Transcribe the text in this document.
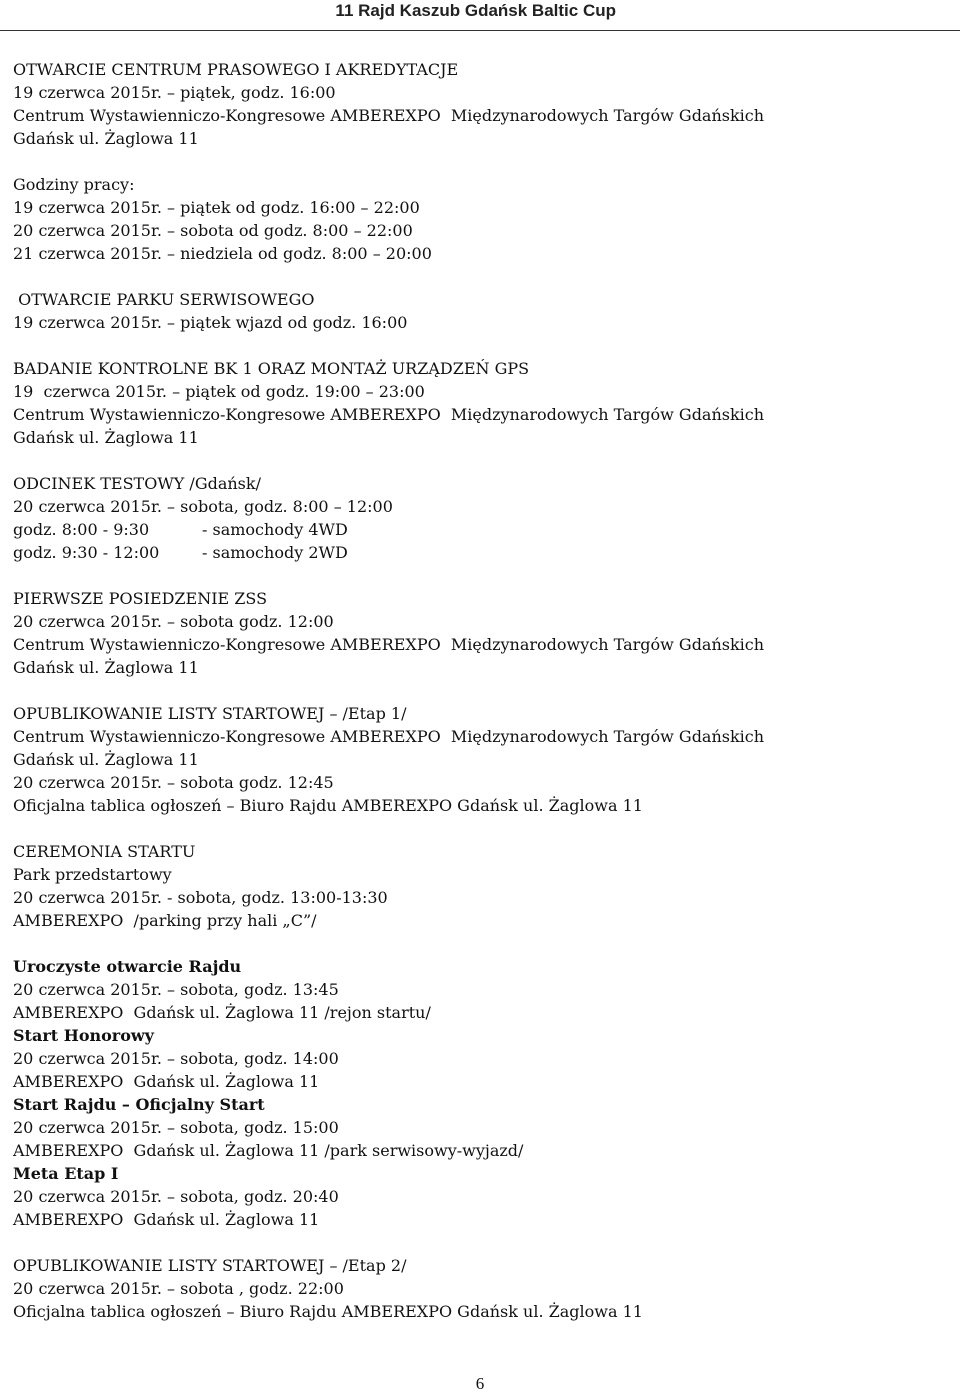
11 Rajd Kaszub Gdańsk Baltic Cup
OTWARCIE CENTRUM PRASOWEGO I AKREDYTACJE
19 czerwca 2015r. – piątek, godz. 16:00
Centrum Wystawienniczo-Kongresowe AMBEREXPO  Międzynarodowych Targów Gdańskich
Gdańsk ul. Żaglowa 11
Godziny pracy:
19 czerwca 2015r. – piątek od godz. 16:00 – 22:00
20 czerwca 2015r. – sobota od godz. 8:00 – 22:00
21 czerwca 2015r. – niedziela od godz. 8:00 – 20:00
OTWARCIE PARKU SERWISOWEGO
19 czerwca 2015r. – piątek wjazd od godz. 16:00
BADANIE KONTROLNE BK 1 ORAZ MONTAŻ URZĄDZEŃ GPS
19  czerwca 2015r. – piątek od godz. 19:00 – 23:00
Centrum Wystawienniczo-Kongresowe AMBEREXPO  Międzynarodowych Targów Gdańskich
Gdańsk ul. Żaglowa 11
ODCINEK TESTOWY /Gdańsk/
20 czerwca 2015r. – sobota, godz. 8:00 – 12:00
godz. 8:00 - 9:30	- samochody 4WD
godz. 9:30 - 12:00	- samochody 2WD
PIERWSZE POSIEDZENIE ZSS
20 czerwca 2015r. – sobota godz. 12:00
Centrum Wystawienniczo-Kongresowe AMBEREXPO  Międzynarodowych Targów Gdańskich
Gdańsk ul. Żaglowa 11
OPUBLIKOWANIE LISTY STARTOWEJ – /Etap 1/
Centrum Wystawienniczo-Kongresowe AMBEREXPO  Międzynarodowych Targów Gdańskich
Gdańsk ul. Żaglowa 11
20 czerwca 2015r. – sobota godz. 12:45
Oficjalna tablica ogłoszeń – Biuro Rajdu AMBEREXPO Gdańsk ul. Żaglowa 11
CEREMONIA STARTU
Park przedstartowy
20 czerwca 2015r. - sobota, godz. 13:00-13:30
AMBEREXPO  /parking przy hali „C”/
Uroczyste otwarcie Rajdu
20 czerwca 2015r. – sobota, godz. 13:45
AMBEREXPO  Gdańsk ul. Żaglowa 11 /rejon startu/
Start Honorowy
20 czerwca 2015r. – sobota, godz. 14:00
AMBEREXPO  Gdańsk ul. Żaglowa 11
Start Rajdu – Oficjalny Start
20 czerwca 2015r. – sobota, godz. 15:00
AMBEREXPO  Gdańsk ul. Żaglowa 11 /park serwisowy-wyjazd/
Meta Etap I
20 czerwca 2015r. – sobota, godz. 20:40
AMBEREXPO  Gdańsk ul. Żaglowa 11
OPUBLIKOWANIE LISTY STARTOWEJ – /Etap 2/
20 czerwca 2015r. – sobota , godz. 22:00
Oficjalna tablica ogłoszeń – Biuro Rajdu AMBEREXPO Gdańsk ul. Żaglowa 11
6
